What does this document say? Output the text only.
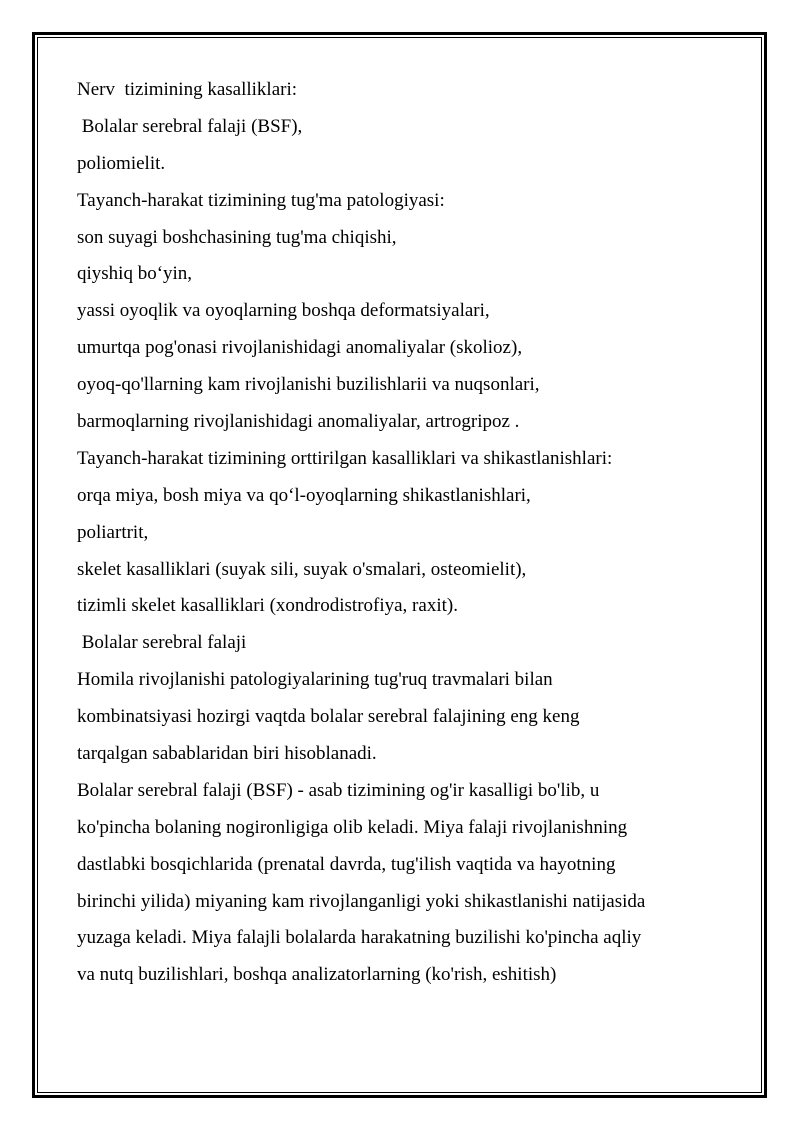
Nerv  tizimining kasalliklari:
Bolalar serebral falaji (BSF),
poliomielit.
Tayanch-harakat tizimining tug'ma patologiyasi:
son suyagi boshchasining tug'ma chiqishi,
qiyshiq bo‘yin,
yassi oyoqlik va oyoqlarning boshqa deformatsiyalari,
umurtqa pog'onasi rivojlanishidagi anomaliyalar (skolioz),
oyoq-qo'llarning kam rivojlanishi buzilishlarii va nuqsonlari,
barmoqlarning rivojlanishidagi anomaliyalar, artrogripoz .
Tayanch-harakat tizimining orttirilgan kasalliklari va shikastlanishlari:
orqa miya, bosh miya va qo‘l-oyoqlarning shikastlanishlari,
poliartrit,
skelet kasalliklari (suyak sili, suyak o'smalari, osteomielit),
tizimli skelet kasalliklari (xondrodistrofiya, raxit).
Bolalar serebral falaji
Homila rivojlanishi patologiyalarining tug'ruq travmalari bilan
kombinatsiyasi hozirgi vaqtda bolalar serebral falajining eng keng
tarqalgan sabablaridan biri hisoblanadi.
Bolalar serebral falaji (BSF) - asab tizimining og'ir kasalligi bo'lib, u
ko'pincha bolaning nogironligiga olib keladi. Miya falaji rivojlanishning
dastlabki bosqichlarida (prenatal davrda, tug'ilish vaqtida va hayotning
birinchi yilida) miyaning kam rivojlanganligi yoki shikastlanishi natijasida
yuzaga keladi. Miya falajli bolalarda harakatning buzilishi ko'pincha aqliy
va nutq buzilishlari, boshqa analizatorlarning (ko'rish, eshitish)
